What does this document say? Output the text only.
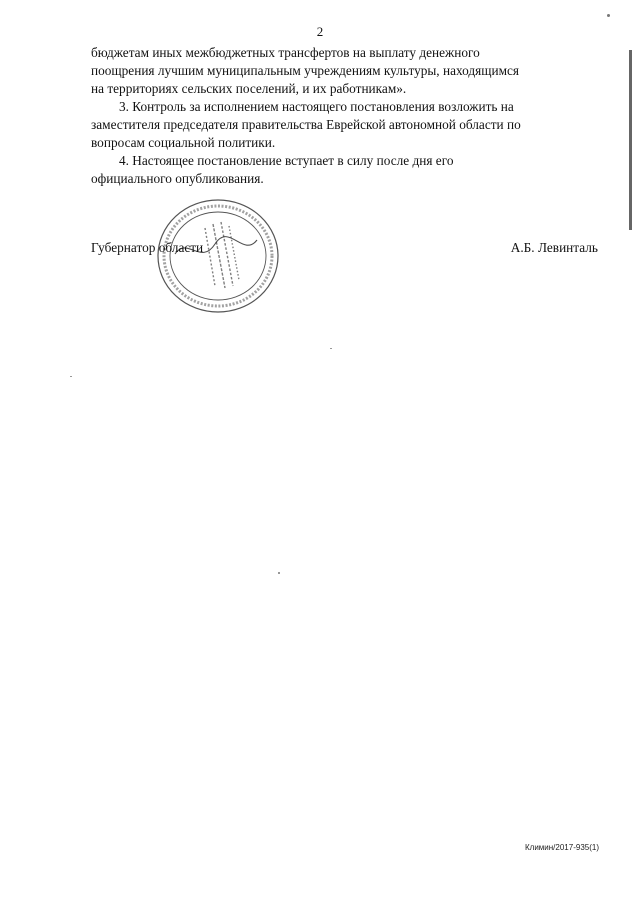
2

бюджетам иных межбюджетных трансфертов на выплату денежного

поощрения лучшим муниципальным учреждениям культуры, находящимся

на территориях сельских поселений, и их работникам».

3. Контроль за исполнением настоящего постановления возложить на

заместителя председателя правительства Еврейской автономной области по

вопросам социальной политики.

4. Настоящее постановление вступает в силу после дня его

официального опубликования.

Губернатор области	А.Б. Левинталь
Климин/2017-935(1)
